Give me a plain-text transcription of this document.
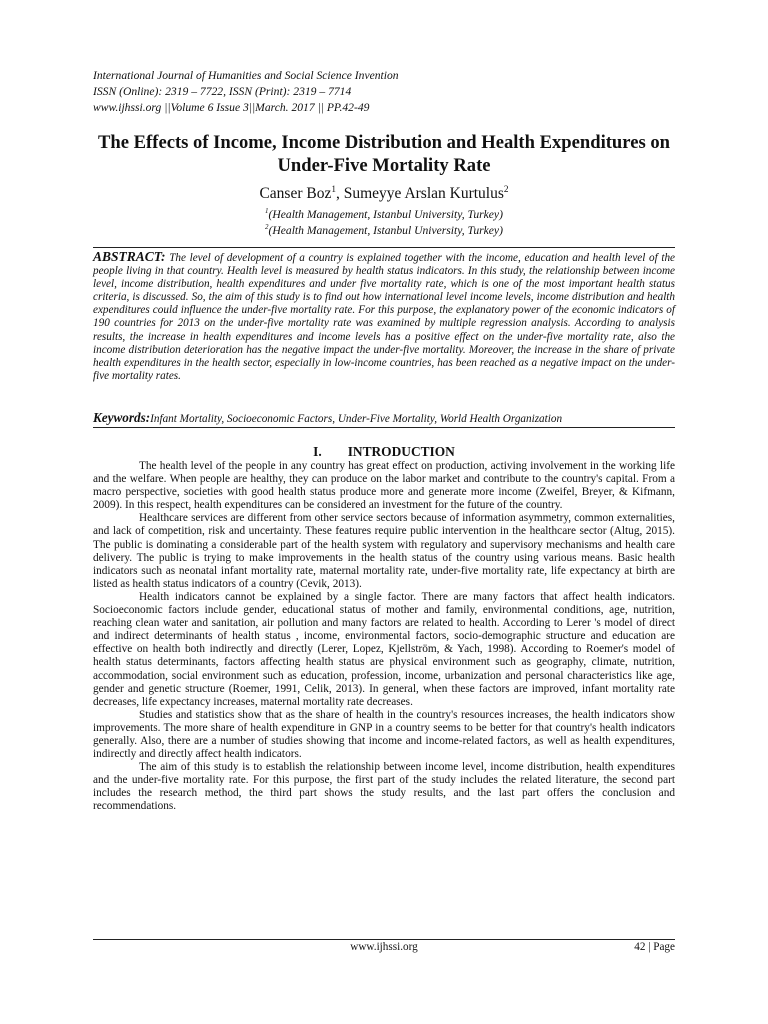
International Journal of Humanities and Social Science Invention
ISSN (Online): 2319 – 7722, ISSN (Print): 2319 – 7714
www.ijhssi.org ||Volume 6 Issue 3||March. 2017 || PP.42-49
The Effects of Income, Income Distribution and Health Expenditures on Under-Five Mortality Rate
Canser Boz$^1$, Sumeyye Arslan Kurtulus$^2$
$^1$(Health Management, Istanbul University, Turkey)
$^2$(Health Management, Istanbul University, Turkey)
ABSTRACT: The level of development of a country is explained together with the income, education and health level of the people living in that country. Health level is measured by health status indicators. In this study, the relationship between income level, income distribution, health expenditures and under five mortality rate, which is one of the most important health status criteria, is discussed. So, the aim of this study is to find out how international level income levels, income distribution and health expenditures could influence the under-five mortality rate. For this purpose, the explanatory power of the economic indicators of 190 countries for 2013 on the under-five mortality rate was examined by multiple regression analysis. According to analysis results, the increase in health expenditures and income levels has a positive effect on the under-five mortality rate, also the income distribution deterioration has the negative impact the under-five mortality. Moreover, the increase in the share of private health expenditures in the health sector, especially in low-income countries, has been reached as a negative impact on the under-five mortality rates.
Keywords:Infant Mortality, Socioeconomic Factors, Under-Five Mortality, World Health Organization
I. INTRODUCTION

The health level of the people in any country has great effect on production, activing involvement in the working life and the welfare. When people are healthy, they can produce on the labor market and contribute to the country's capital. From a macro perspective, societies with good health status produce more and generate more income (Zweifel, Breyer, & Kifmann, 2009). In this respect, health expenditures can be considered an investment for the future of the country.

Healthcare services are different from other service sectors because of information asymmetry, common externalities, and lack of competition, risk and uncertainty. These features require public intervention in the healthcare sector (Altug, 2015). The public is dominating a considerable part of the health system with regulatory and supervisory mechanisms and health care delivery. The public is trying to make improvements in the health status of the country using various means. Basic health indicators such as neonatal infant mortality rate, maternal mortality rate, under-five mortality rate, life expectancy at birth are listed as health status indicators of a country (Cevik, 2013).

Health indicators cannot be explained by a single factor. There are many factors that affect health indicators. Socioeconomic factors include gender, educational status of mother and family, environmental conditions, age, nutrition, reaching clean water and sanitation, air pollution and many factors are related to health. According to Lerer 's model of direct and indirect determinants of health status , income, environmental factors, socio-demographic structure and education are effective on health both indirectly and directly (Lerer, Lopez, Kjellström, & Yach, 1998). According to Roemer's model of health status determinants, factors affecting health status are physical environment such as geography, climate, nutrition, accommodation, social environment such as education, profession, income, urbanization and personal characteristics like age, gender and genetic structure (Roemer, 1991, Celik, 2013). In general, when these factors are improved, infant mortality rate decreases, life expectancy increases, maternal mortality rate decreases.

Studies and statistics show that as the share of health in the country's resources increases, the health indicators show improvements. The more share of health expenditure in GNP in a country seems to be better for that country's health indicators generally. Also, there are a number of studies showing that income and income-related factors, as well as health expenditures, indirectly and directly affect health indicators.

The aim of this study is to establish the relationship between income level, income distribution, health expenditures and the under-five mortality rate. For this purpose, the first part of the study includes the related literature, the second part includes the research method, the third part shows the study results, and the last part offers the conclusion and recommendations.

www.ijhssi.org	42 | Page
